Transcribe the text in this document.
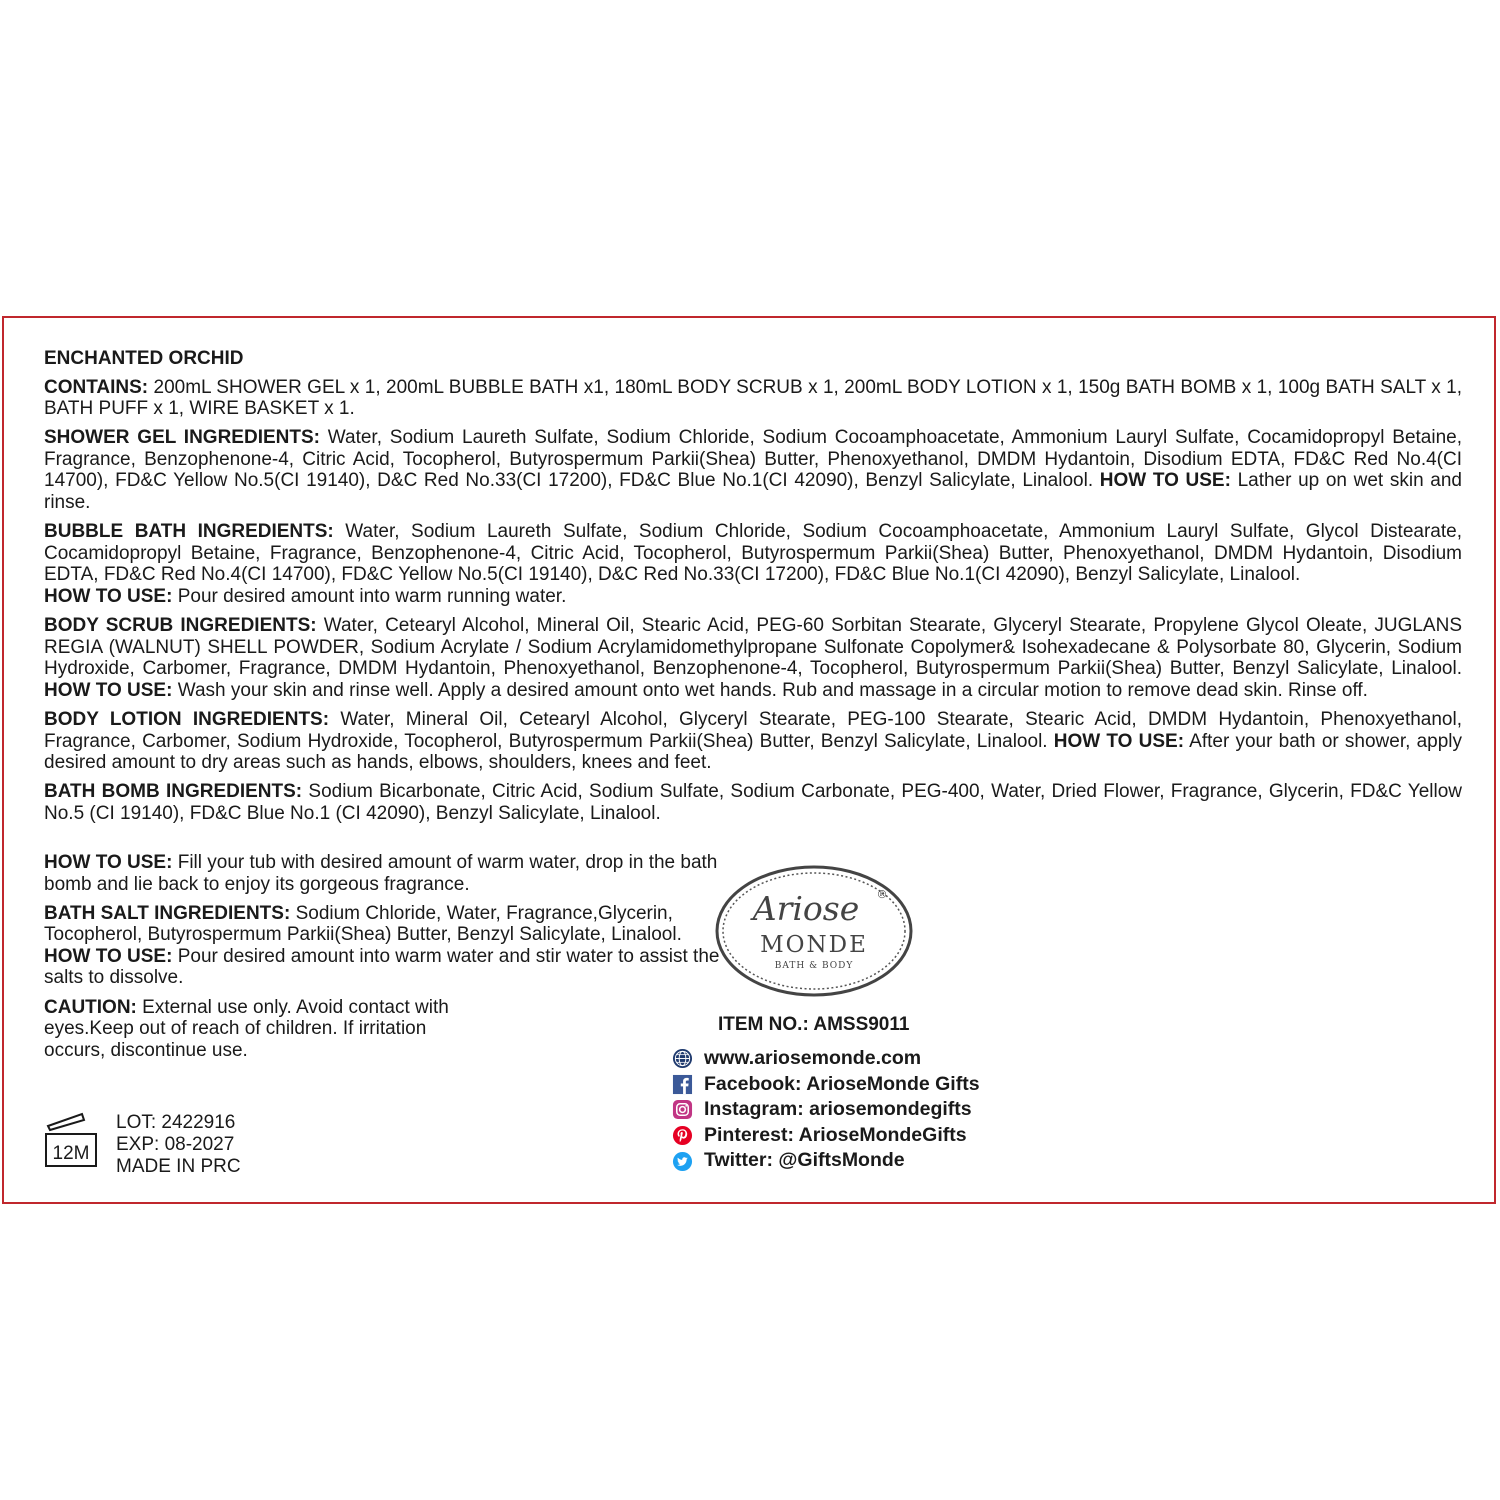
ENCHANTED ORCHID

CONTAINS: 200mL SHOWER GEL x 1, 200mL BUBBLE BATH x1, 180mL BODY SCRUB x 1, 200mL BODY LOTION x 1, 150g BATH BOMB x 1, 100g BATH SALT x 1, BATH PUFF x 1, WIRE BASKET x 1.

SHOWER GEL INGREDIENTS: Water, Sodium Laureth Sulfate, Sodium Chloride, Sodium Cocoamphoacetate, Ammonium Lauryl Sulfate, Cocamidopropyl Betaine, Fragrance, Benzophenone-4, Citric Acid, Tocopherol, Butyrospermum Parkii(Shea) Butter, Phenoxyethanol, DMDM Hydantoin, Disodium EDTA, FD&C Red No.4(CI 14700), FD&C Yellow No.5(CI 19140), D&C Red No.33(CI 17200), FD&C Blue No.1(CI 42090), Benzyl Salicylate, Linalool. HOW TO USE: Lather up on wet skin and rinse.

BUBBLE BATH INGREDIENTS: Water, Sodium Laureth Sulfate, Sodium Chloride, Sodium Cocoamphoacetate, Ammonium Lauryl Sulfate, Glycol Distearate, Cocamidopropyl Betaine, Fragrance, Benzophenone-4, Citric Acid, Tocopherol, Butyrospermum Parkii(Shea) Butter, Phenoxyethanol, DMDM Hydantoin, Disodium EDTA, FD&C Red No.4(CI 14700), FD&C Yellow No.5(CI 19140), D&C Red No.33(CI 17200), FD&C Blue No.1(CI 42090), Benzyl Salicylate, Linalool.
HOW TO USE: Pour desired amount into warm running water.

BODY SCRUB INGREDIENTS: Water, Cetearyl Alcohol, Mineral Oil, Stearic Acid, PEG-60 Sorbitan Stearate, Glyceryl Stearate, Propylene Glycol Oleate, JUGLANS REGIA (WALNUT) SHELL POWDER, Sodium Acrylate / Sodium Acrylamidomethylpropane Sulfonate Copolymer& Isohexadecane & Polysorbate 80, Glycerin, Sodium Hydroxide, Carbomer, Fragrance, DMDM Hydantoin, Phenoxyethanol, Benzophenone-4, Tocopherol, Butyrospermum Parkii(Shea) Butter, Benzyl Salicylate, Linalool. HOW TO USE: Wash your skin and rinse well. Apply a desired amount onto wet hands. Rub and massage in a circular motion to remove dead skin. Rinse off.

BODY LOTION INGREDIENTS: Water, Mineral Oil, Cetearyl Alcohol, Glyceryl Stearate, PEG-100 Stearate, Stearic Acid, DMDM Hydantoin, Phenoxyethanol, Fragrance, Carbomer, Sodium Hydroxide, Tocopherol, Butyrospermum Parkii(Shea) Butter, Benzyl Salicylate, Linalool. HOW TO USE: After your bath or shower, apply desired amount to dry areas such as hands, elbows, shoulders, knees and feet.

BATH BOMB INGREDIENTS: Sodium Bicarbonate, Citric Acid, Sodium Sulfate, Sodium Carbonate, PEG-400, Water, Dried Flower, Fragrance, Glycerin, FD&C Yellow No.5 (CI 19140), FD&C Blue No.1 (CI 42090), Benzyl Salicylate, Linalool.

HOW TO USE: Fill your tub with desired amount of warm water, drop in the bath bomb and lie back to enjoy its gorgeous fragrance.

BATH SALT INGREDIENTS: Sodium Chloride, Water, Fragrance,Glycerin, Tocopherol, Butyrospermum Parkii(Shea) Butter, Benzyl Salicylate, Linalool.
HOW TO USE: Pour desired amount into warm water and stir water to assist the salts to dissolve.

CAUTION: External use only. Avoid contact with eyes.Keep out of reach of children. If irritation occurs, discontinue use.

12M
LOT: 2422916
EXP: 08-2027
MADE IN PRC
Ariose ®
MONDE
BATH & BODY
ITEM NO.: AMSS9011
www.ariosemonde.com
Facebook: ArioseMonde Gifts
Instagram: ariosemondegifts
Pinterest: ArioseMondeGifts
Twitter: @GiftsMonde
